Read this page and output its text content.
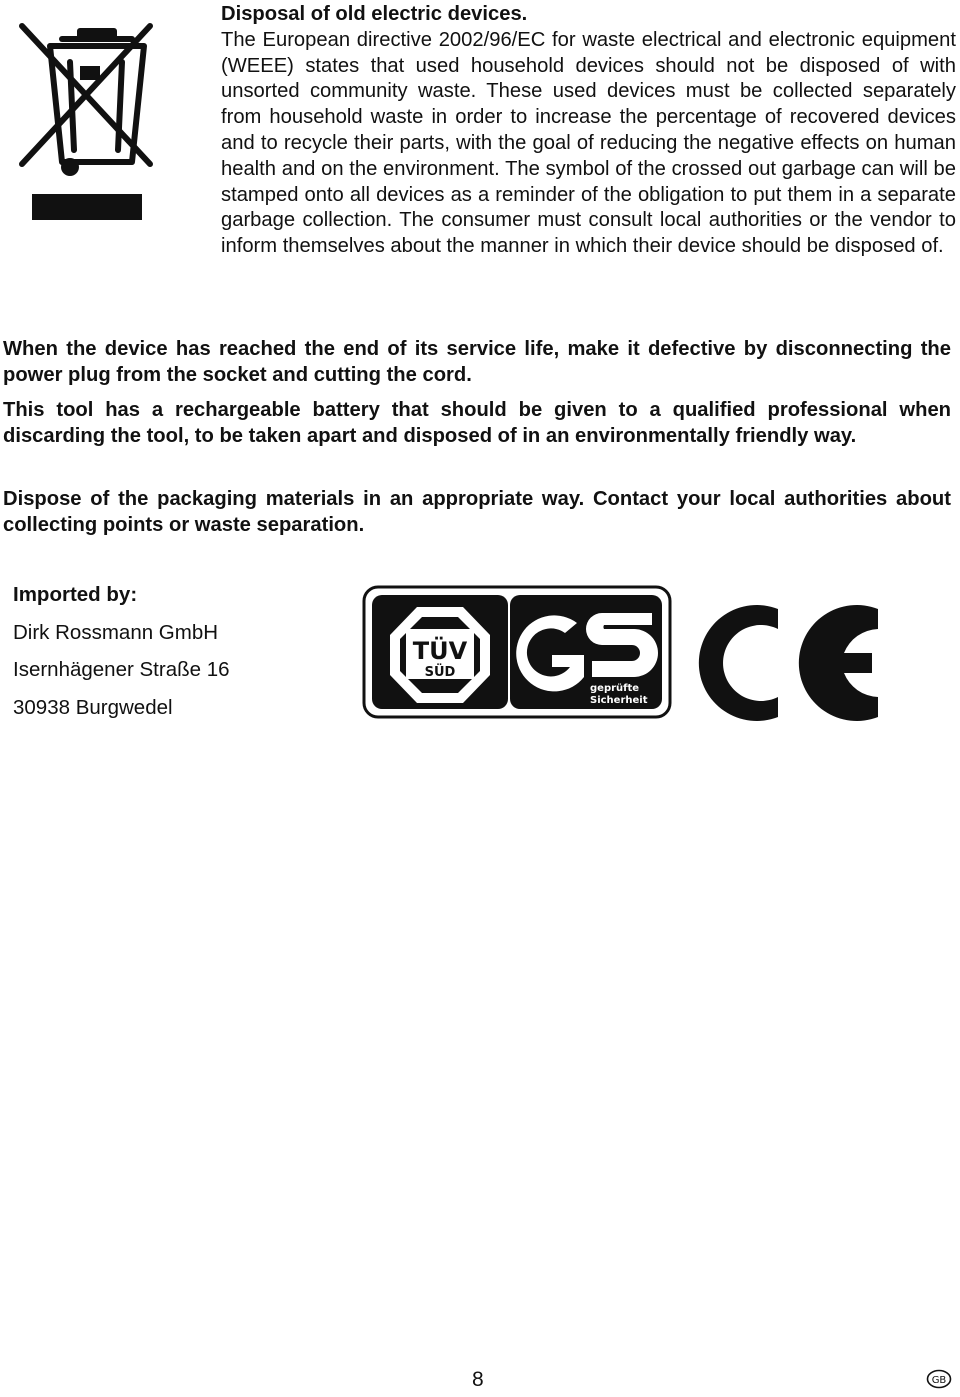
Disposal of old electric devices.
The European directive 2002/96/EC for waste electrical and electronic equipment (WEEE) states that used household devices should not be disposed of with unsorted community waste. These used devices must be collected separately from household waste in order to increase the percentage of recovered devices and to recycle their parts, with the goal of reducing the negative effects on human health and on the environment. The symbol of the crossed out garbage can will be stamped onto all devices as a reminder of the obligation to put them in a separate garbage collection. The consumer must consult local authorities or the vendor to inform themselves about the manner in which their device should be disposed of.
When the device has reached the end of its service life, make it defective by disconnecting the power plug from the socket and cutting the cord.
This tool has a rechargeable battery that should be given to a qualified professional when discarding the tool, to be taken apart and disposed of in an environmentally friendly way.
Dispose of the packaging materials in an appropriate way. Contact your local authorities about collecting points or waste separation.
Imported by:
Dirk Rossmann GmbH
Isernhägener Straße 16
30938 Burgwedel
TÜV
SÜD
geprüfte
Sicherheit
8	GB
